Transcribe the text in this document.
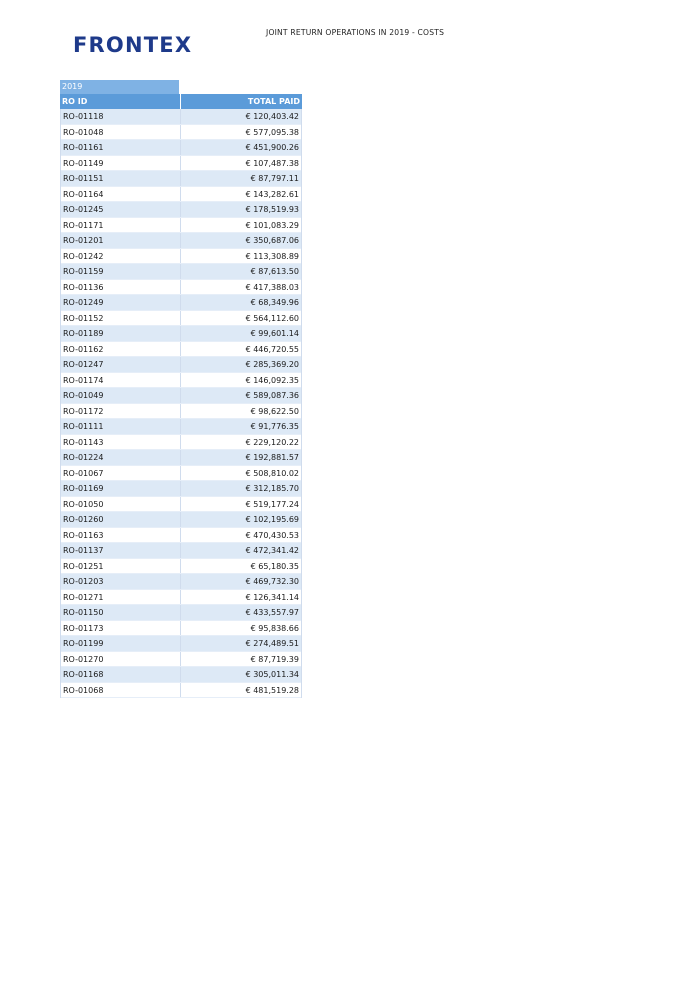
FRONTEX
JOINT RETURN OPERATIONS IN 2019 - COSTS
2019
RO ID	TOTAL PAID
RO-01118	€ 120,403.42
RO-01048	€ 577,095.38
RO-01161	€ 451,900.26
RO-01149	€ 107,487.38
RO-01151	€ 87,797.11
RO-01164	€ 143,282.61
RO-01245	€ 178,519.93
RO-01171	€ 101,083.29
RO-01201	€ 350,687.06
RO-01242	€ 113,308.89
RO-01159	€ 87,613.50
RO-01136	€ 417,388.03
RO-01249	€ 68,349.96
RO-01152	€ 564,112.60
RO-01189	€ 99,601.14
RO-01162	€ 446,720.55
RO-01247	€ 285,369.20
RO-01174	€ 146,092.35
RO-01049	€ 589,087.36
RO-01172	€ 98,622.50
RO-01111	€ 91,776.35
RO-01143	€ 229,120.22
RO-01224	€ 192,881.57
RO-01067	€ 508,810.02
RO-01169	€ 312,185.70
RO-01050	€ 519,177.24
RO-01260	€ 102,195.69
RO-01163	€ 470,430.53
RO-01137	€ 472,341.42
RO-01251	€ 65,180.35
RO-01203	€ 469,732.30
RO-01271	€ 126,341.14
RO-01150	€ 433,557.97
RO-01173	€ 95,838.66
RO-01199	€ 274,489.51
RO-01270	€ 87,719.39
RO-01168	€ 305,011.34
RO-01068	€ 481,519.28
